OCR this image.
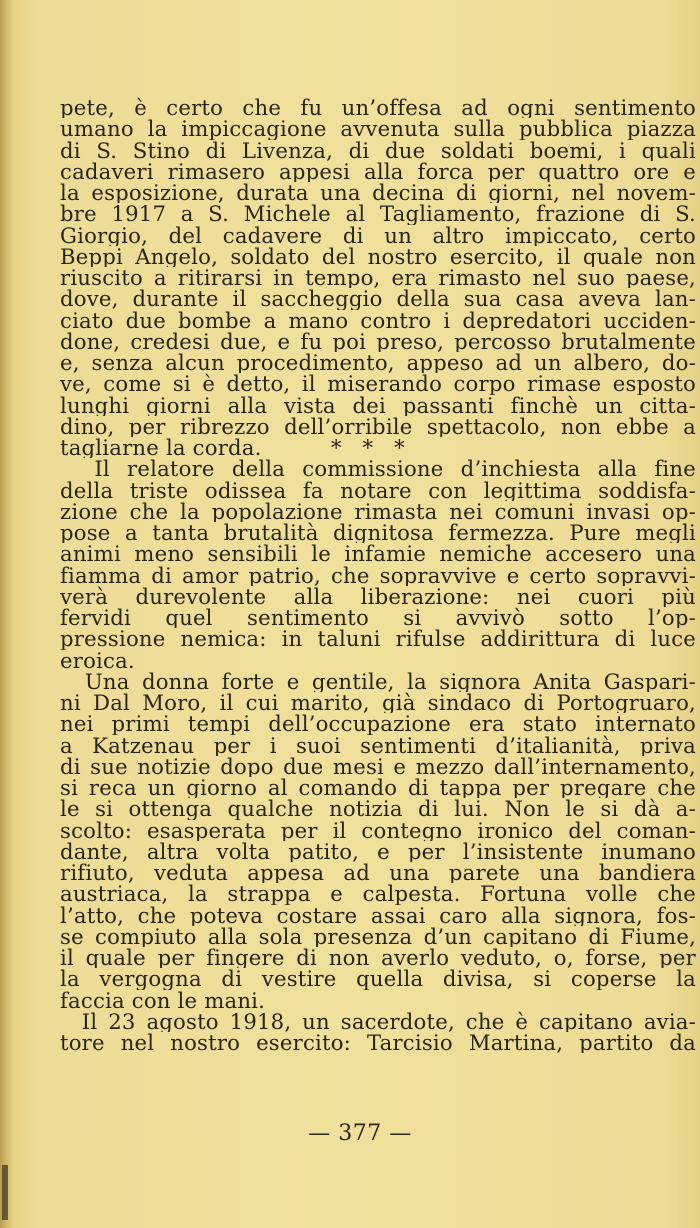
pete, è certo che fu un’offesa ad ogni sentimento
umano la impiccagione avvenuta sulla pubblica piazza
di S. Stino di Livenza, di due soldati boemi, i quali
cadaveri rimasero appesi alla forca per quattro ore e
la esposizione, durata una decina di giorni, nel novem-
bre 1917 a S. Michele al Tagliamento, frazione di S.
Giorgio, del cadavere di un altro impiccato, certo
Beppi Angelo, soldato del nostro esercito, il quale non
riuscito a ritirarsi in tempo, era rimasto nel suo paese,
dove, durante il saccheggio della sua casa aveva lan-
ciato due bombe a mano contro i depredatori ucciden-
done, credesi due, e fu poi preso, percosso brutalmente
e, senza alcun procedimento, appeso ad un albero, do-
ve, come si è detto, il miserando corpo rimase esposto
lunghi giorni alla vista dei passanti finchè un citta-
dino, per ribrezzo dell’orribile spettacolo, non ebbe a
tagliarne la corda.          *   *   *
Il relatore della commissione d’inchiesta alla fine
della triste odissea fa notare con legittima soddisfa-
zione che la popolazione rimasta nei comuni invasi op-
pose a tanta brutalità dignitosa fermezza. Pure megli
animi meno sensibili le infamie nemiche accesero una
fiamma di amor patrio, che sopravvive e certo sopravvi-
verà durevolente alla liberazione: nei cuori più
fervidi quel sentimento si avvivò sotto l’op-
pressione nemica: in taluni rifulse addirittura di luce
eroica.
Una donna forte e gentile, la signora Anita Gaspari-
ni Dal Moro, il cui marito, già sindaco di Portogruaro,
nei primi tempi dell’occupazione era stato internato
a Katzenau per i suoi sentimenti d’italianità, priva
di sue notizie dopo due mesi e mezzo dall’internamento,
si reca un giorno al comando di tappa per pregare che
le si ottenga qualche notizia di lui. Non le si dà a-
scolto: esasperata per il contegno ironico del coman-
dante, altra volta patito, e per l’insistente inumano
rifiuto, veduta appesa ad una parete una bandiera
austriaca, la strappa e calpesta. Fortuna volle che
l’atto, che poteva costare assai caro alla signora, fos-
se compiuto alla sola presenza d’un capitano di Fiume,
il quale per fingere di non averlo veduto, o, forse, per
la vergogna di vestire quella divisa, si coperse la
faccia con le mani.
Il 23 agosto 1918, un sacerdote, che è capitano avia-
tore nel nostro esercito: Tarcisio Martina, partito da
— 377 —
